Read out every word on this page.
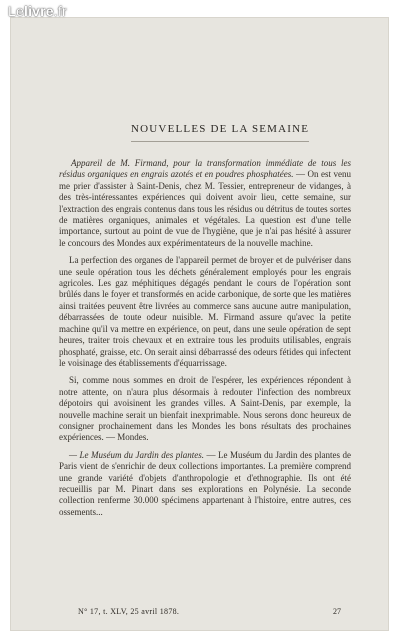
NOUVELLES DE LA SEMAINE

Appareil de M. Firmand, pour la transformation immédiate de tous les résidus organiques en engrais azotés et en poudres phosphatées. — On est venu me prier d'assister à Saint-Denis, chez M. Tessier, entrepreneur de vidanges, à des très-intéressantes expériences qui doivent avoir lieu, cette semaine, sur l'extraction des engrais contenus dans tous les résidus ou détritus de toutes sortes de matières organiques, animales et végétales. La question est d'une telle importance, surtout au point de vue de l'hygiène, que je n'ai pas hésité à assurer le concours des Mondes aux expérimentateurs de la nouvelle machine.

La perfection des organes de l'appareil permet de broyer et de pulvériser dans une seule opération tous les déchets généralement employés pour les engrais agricoles. Les gaz méphitiques dégagés pendant le cours de l'opération sont brûlés dans le foyer et transformés en acide carbonique, de sorte que les matières ainsi traitées peuvent être livrées au commerce sans aucune autre manipulation, débarrassées de toute odeur nuisible. M. Firmand assure qu'avec la petite machine qu'il va mettre en expérience, on peut, dans une seule opération de sept heures, traiter trois chevaux et en extraire tous les produits utilisables, engrais phosphaté, graisse, etc. On serait ainsi débarrassé des odeurs fétides qui infectent le voisinage des établissements d'équarrissage.

Si, comme nous sommes en droit de l'espérer, les expériences répondent à notre attente, on n'aura plus désormais à redouter l'infection des nombreux dépotoirs qui avoisinent les grandes villes. A Saint-Denis, par exemple, la nouvelle machine serait un bienfait inexprimable. Nous serons donc heureux de consigner prochainement dans les Mondes les bons résultats des prochaines expériences. — Mondes.

— Le Muséum du Jardin des plantes. — Le Muséum du Jardin des plantes de Paris vient de s'enrichir de deux collections importantes. La première comprend une grande variété d'objets d'anthropologie et d'ethnographie. Ils ont été recueillis par M. Pinart dans ses explorations en Polynésie. La seconde collection renferme 30.000 spécimens appartenant à l'histoire, entre autres, ces ossements...

N° 17, t. XLV, 25 avril 1878.	27
Le livre .fr
